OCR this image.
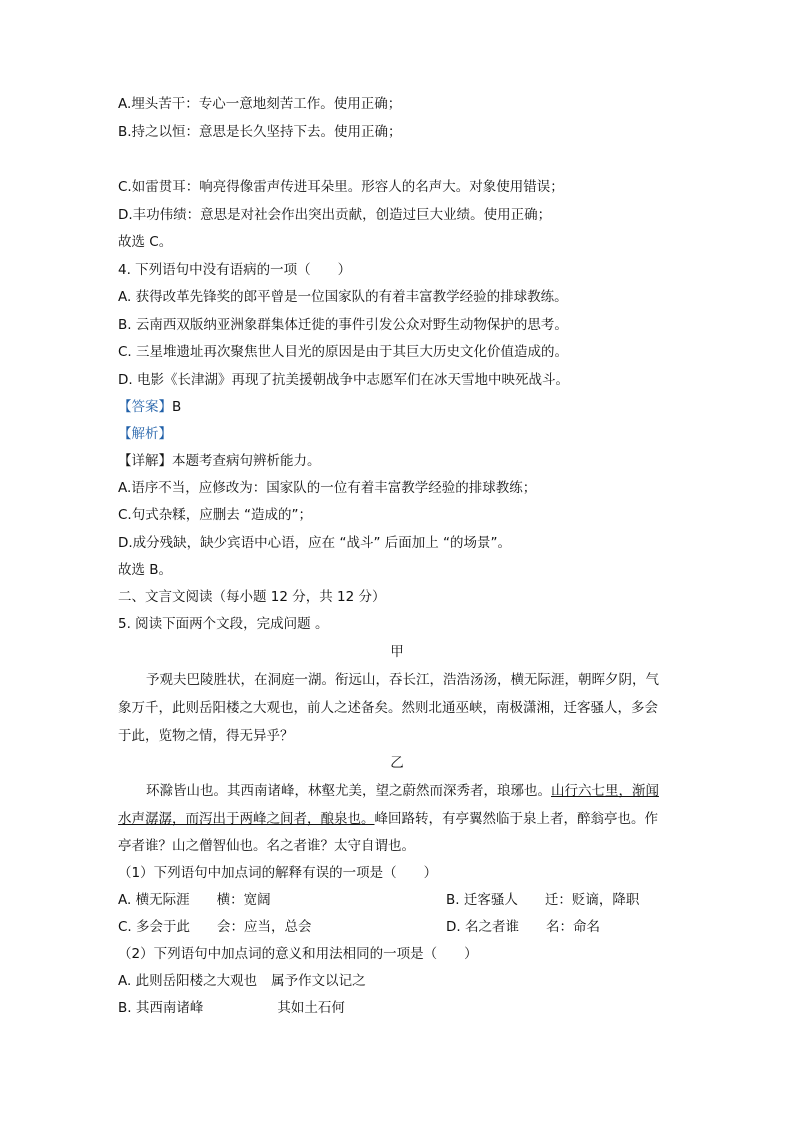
A.埋头苦干：专心一意地刻苦工作。使用正确；

B.持之以恒：意思是长久坚持下去。使用正确；

C.如雷贯耳：响亮得像雷声传进耳朵里。形容人的名声大。对象使用错误；

D.丰功伟绩：意思是对社会作出突出贡献，创造过巨大业绩。使用正确；

故选 C。

4. 下列语句中没有语病的一项（　　）

A. 获得改革先锋奖的郎平曾是一位国家队的有着丰富教学经验的排球教练。

B. 云南西双版纳亚洲象群集体迁徙的事件引发公众对野生动物保护的思考。

C. 三星堆遗址再次聚焦世人目光的原因是由于其巨大历史文化价值造成的。

D. 电影《长津湖》再现了抗美援朝战争中志愿军们在冰天雪地中映死战斗。

【答案】B

【解析】

【详解】本题考查病句辨析能力。

A.语序不当，应修改为：国家队的一位有着丰富教学经验的排球教练；

C.句式杂糅，应删去 “造成的”；

D.成分残缺，缺少宾语中心语，应在 “战斗” 后面加上 “的场景”。

故选 B。

二、文言文阅读（每小题 12 分，共 12 分）

5. 阅读下面两个文段，完成问题 。

甲

予观夫巴陵胜状，在洞庭一湖。衔远山，吞长江，浩浩汤汤，横无际涯，朝晖夕阴，气

象万千，此则岳阳楼之大观也，前人之述备矣。然则北通巫峡，南极潇湘，迁客骚人，多会

于此，览物之情，得无异乎？

乙

环滁皆山也。其西南诸峰，林壑尤美，望之蔚然而深秀者，琅琊也。山行六七里，渐闻

水声潺潺，而泻出于两峰之间者，酿泉也。峰回路转，有亭翼然临于泉上者，醉翁亭也。作

亭者谁？山之僧智仙也。名之者谁？太守自谓也。

（1）下列语句中加点词的解释有误的一项是（　　）

A. 横无际涯　　横：宽阔	B. 迁客骚人　　迁：贬谪，降职

C. 多会于此　　会：应当，总会	D. 名之者谁　　名：命名

（2）下列语句中加点词的意义和用法相同的一项是（　　）

A. 此则岳阳楼之大观也 属予作文以记之

B. 其西南诸峰	其如土石何
